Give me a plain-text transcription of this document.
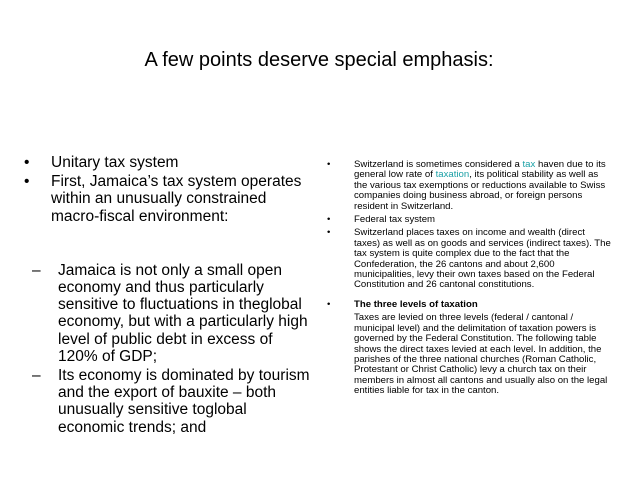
A few points deserve special emphasis:
• Unitary tax system
• First, Jamaica’s tax system operates within an unusually constrained macro-fiscal environment:
– Jamaica is not only a small open economy and thus particularly sensitive to fluctuations in theglobal economy, but with a particularly high level of public debt in excess of 120% of GDP;
– Its economy is dominated by tourism and the export of bauxite – both unusually sensitive toglobal economic trends; and
• Switzerland is sometimes considered a tax haven due to its general low rate of taxation, its political stability as well as the various tax exemptions or reductions available to Swiss companies doing business abroad, or foreign persons resident in Switzerland.
• Federal tax system
• Switzerland places taxes on income and wealth (direct taxes) as well as on goods and services (indirect taxes). The tax system is quite complex due to the fact that the Confederation, the 26 cantons and about 2,600 municipalities, levy their own taxes based on the Federal Constitution and 26 cantonal constitutions.
• The three levels of taxation
Taxes are levied on three levels (federal / cantonal / municipal level) and the delimitation of taxation powers is governed by the Federal Constitution. The following table shows the direct taxes levied at each level. In addition, the parishes of the three national churches (Roman Catholic, Protestant or Christ Catholic) levy a church tax on their members in almost all cantons and usually also on the legal entities liable for tax in the canton.
